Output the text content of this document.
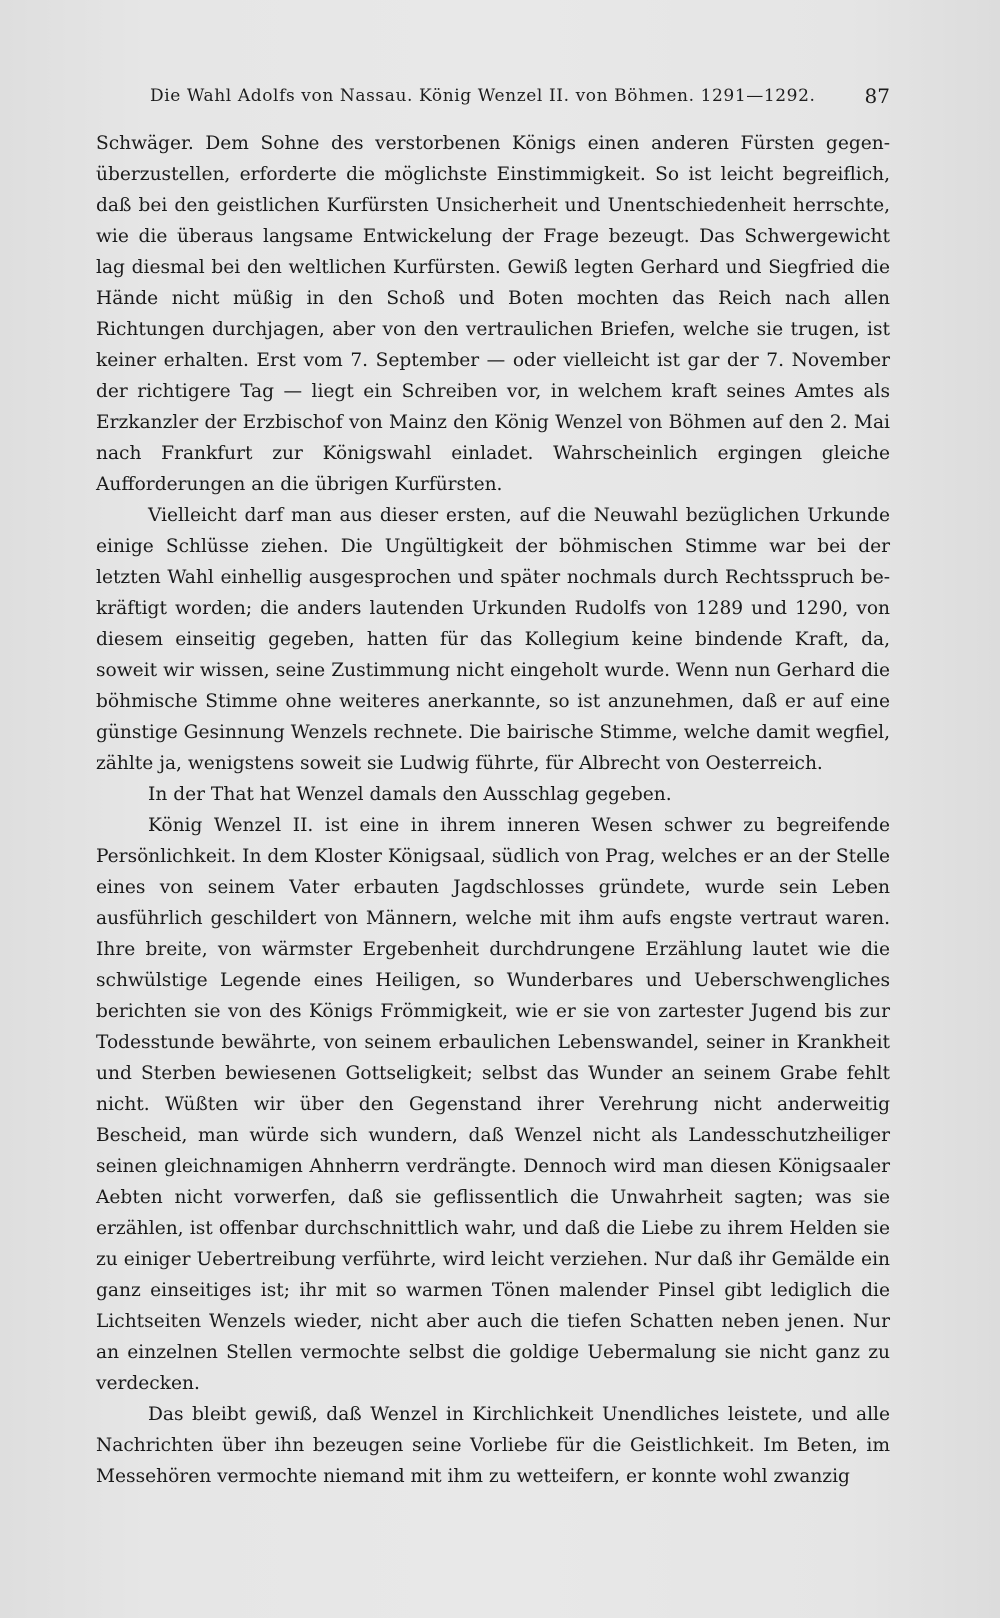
Die Wahl Adolfs von Nassau. König Wenzel II. von Böhmen. 1291—1292. 87

Schwäger. Dem Sohne des verstorbenen Königs einen anderen Fürsten gegenüberzustellen, erforderte die möglichste Einstimmigkeit. So ist leicht begreiflich, daß bei den geistlichen Kurfürsten Unsicherheit und Unentschiedenheit herrschte, wie die überaus langsame Entwickelung der Frage bezeugt. Das Schwergewicht lag diesmal bei den weltlichen Kurfürsten. Gewiß legten Gerhard und Siegfried die Hände nicht müßig in den Schoß und Boten mochten das Reich nach allen Richtungen durchjagen, aber von den vertraulichen Briefen, welche sie trugen, ist keiner erhalten. Erst vom 7. September — oder vielleicht ist gar der 7. November der richtigere Tag — liegt ein Schreiben vor, in welchem kraft seines Amtes als Erzkanzler der Erzbischof von Mainz den König Wenzel von Böhmen auf den 2. Mai nach Frankfurt zur Königswahl einladet. Wahrscheinlich ergingen gleiche Aufforderungen an die übrigen Kurfürsten.

Vielleicht darf man aus dieser ersten, auf die Neuwahl bezüglichen Urkunde einige Schlüsse ziehen. Die Ungültigkeit der böhmischen Stimme war bei der letzten Wahl einhellig ausgesprochen und später nochmals durch Rechtsspruch bekräftigt worden; die anders lautenden Urkunden Rudolfs von 1289 und 1290, von diesem einseitig gegeben, hatten für das Kollegium keine bindende Kraft, da, soweit wir wissen, seine Zustimmung nicht eingeholt wurde. Wenn nun Gerhard die böhmische Stimme ohne weiteres anerkannte, so ist anzunehmen, daß er auf eine günstige Gesinnung Wenzels rechnete. Die bairische Stimme, welche damit wegfiel, zählte ja, wenigstens soweit sie Ludwig führte, für Albrecht von Oesterreich.

In der That hat Wenzel damals den Ausschlag gegeben.

König Wenzel II. ist eine in ihrem inneren Wesen schwer zu begreifende Persönlichkeit. In dem Kloster Königsaal, südlich von Prag, welches er an der Stelle eines von seinem Vater erbauten Jagdschlosses gründete, wurde sein Leben ausführlich geschildert von Männern, welche mit ihm aufs engste vertraut waren. Ihre breite, von wärmster Ergebenheit durchdrungene Erzählung lautet wie die schwülstige Legende eines Heiligen, so Wunderbares und Ueberschwengliches berichten sie von des Königs Frömmigkeit, wie er sie von zartester Jugend bis zur Todesstunde bewährte, von seinem erbaulichen Lebenswandel, seiner in Krankheit und Sterben bewiesenen Gottseligkeit; selbst das Wunder an seinem Grabe fehlt nicht. Wüßten wir über den Gegenstand ihrer Verehrung nicht anderweitig Bescheid, man würde sich wundern, daß Wenzel nicht als Landesschutzheiliger seinen gleichnamigen Ahnherrn verdrängte. Dennoch wird man diesen Königsaaler Aebten nicht vorwerfen, daß sie geflissentlich die Unwahrheit sagten; was sie erzählen, ist offenbar durchschnittlich wahr, und daß die Liebe zu ihrem Helden sie zu einiger Uebertreibung verführte, wird leicht verziehen. Nur daß ihr Gemälde ein ganz einseitiges ist; ihr mit so warmen Tönen malender Pinsel gibt lediglich die Lichtseiten Wenzels wieder, nicht aber auch die tiefen Schatten neben jenen. Nur an einzelnen Stellen vermochte selbst die goldige Uebermalung sie nicht ganz zu verdecken.

Das bleibt gewiß, daß Wenzel in Kirchlichkeit Unendliches leistete, und alle Nachrichten über ihn bezeugen seine Vorliebe für die Geistlichkeit. Im Beten, im Messehören vermochte niemand mit ihm zu wetteifern, er konnte wohl zwanzig
